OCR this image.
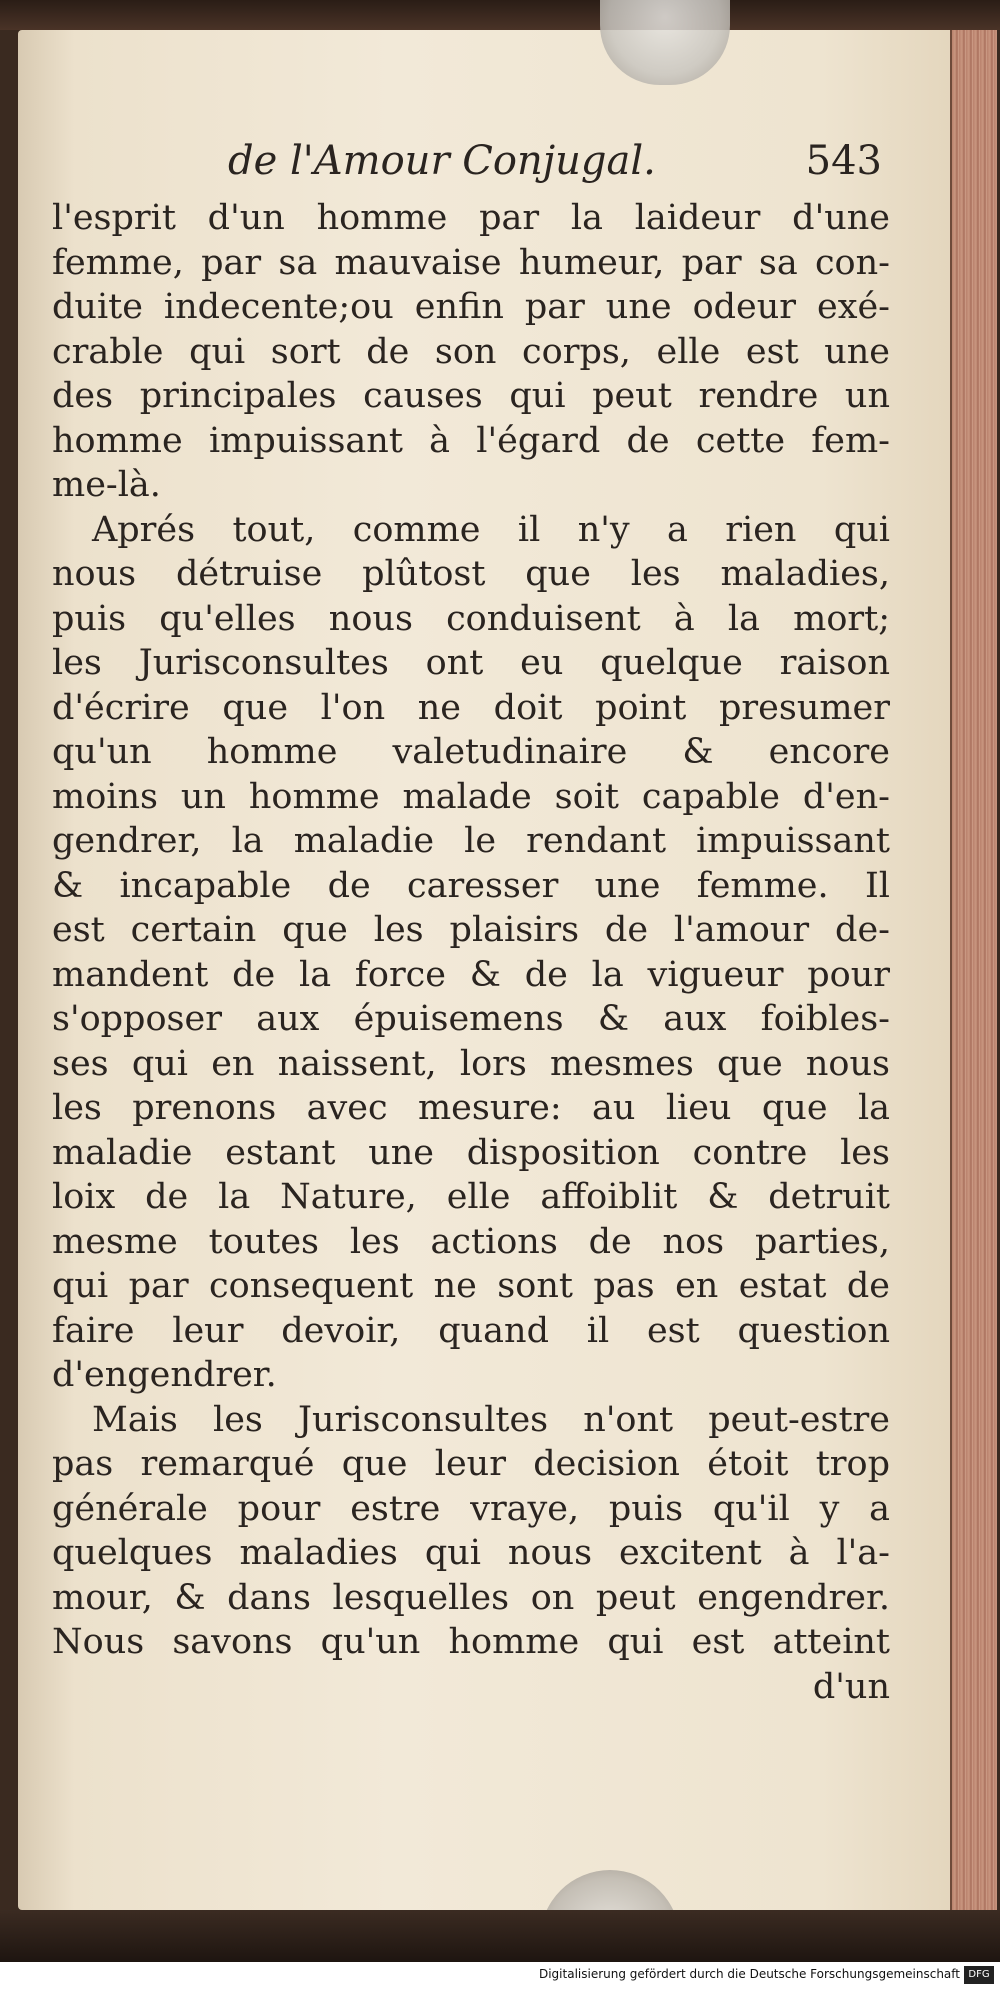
de l'Amour Conjugal.	543
l'esprit d'un homme par la laideur d'une
femme, par sa mauvaise humeur, par sa con-
duite indecente;ou enfin par une odeur exé-
crable qui sort de son corps, elle est une
des principales causes qui peut rendre un
homme impuissant à l'égard de cette fem-
me-là.
Aprés tout, comme il n'y a rien qui
nous détruise plûtost que les maladies,
puis qu'elles nous conduisent à la mort;
les Jurisconsultes ont eu quelque raison
d'écrire que l'on ne doit point presumer
qu'un homme valetudinaire & encore
moins un homme malade soit capable d'en-
gendrer, la maladie le rendant impuissant
& incapable de caresser une femme. Il
est certain que les plaisirs de l'amour de-
mandent de la force & de la vigueur pour
s'opposer aux épuisemens & aux foibles-
ses qui en naissent, lors mesmes que nous
les prenons avec mesure: au lieu que la
maladie estant une disposition contre les
loix de la Nature, elle affoiblit & detruit
mesme toutes les actions de nos parties,
qui par consequent ne sont pas en estat de
faire leur devoir, quand il est question
d'engendrer.
Mais les Jurisconsultes n'ont peut-estre
pas remarqué que leur decision étoit trop
générale pour estre vraye, puis qu'il y a
quelques maladies qui nous excitent à l'a-
mour, & dans lesquelles on peut engendrer.
Nous savons qu'un homme qui est atteint
d'un
Digitalisierung gefördert durch die Deutsche Forschungsgemeinschaft DFG
